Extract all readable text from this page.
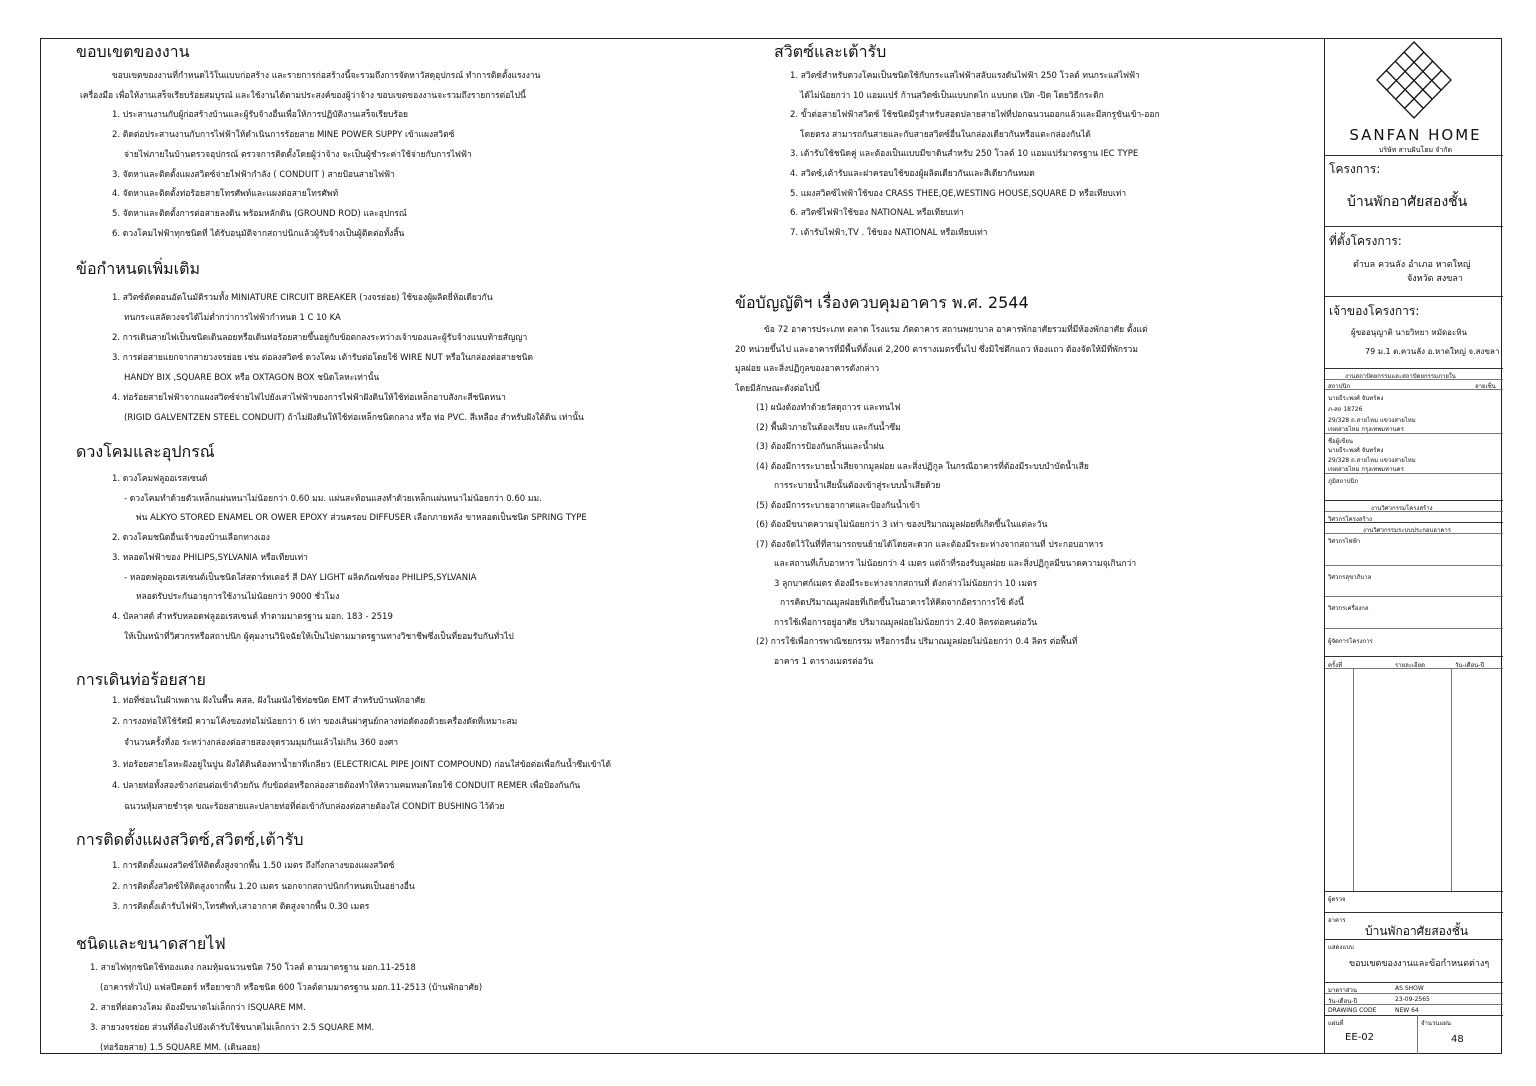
ขอบเขตของงาน
ขอบเขตของงานที่กำหนดไว้ในแบบก่อสร้าง และรายการก่อสร้างนี้จะรวมถึงการจัดหาวัสดุอุปกรณ์ ทำการติดตั้งแรงงาน
เครื่องมือ เพื่อให้งานเสร็จเรียบร้อยสมบูรณ์ และใช้งานได้ตามประสงค์ของผู้ว่าจ้าง ขอบเขตของงานจะรวมถึงรายการต่อไปนี้
1. ประสานงานกับผู้ก่อสร้างบ้านและผู้รับจ้างอื่นเพื่อให้การปฏิบัติงานเสร็จเรียบร้อย
2. ติดต่อประสานงานกับการไฟฟ้าให้ดำเนินการร้อยสาย MINE POWER SUPPY เข้าแผงสวิตซ์
จ่ายไฟภายในบ้านตรวจอุปกรณ์ ตรวจการติดตั้งโดยผู้ว่าจ้าง จะเป็นผู้ชำระค่าใช้จ่ายกับการไฟฟ้า
3. จัดหาและติดตั้งแผงสวิตซ์จ่ายไฟฟ้ากำลัง ( CONDUIT ) สายป้อนสายไฟฟ้า
4. จัดหาและติดตั้งท่อร้อยสายโทรศัพท์และแผงต่อสายโทรศัพท์
5. จัดหาและติดตั้งการต่อสายลงดิน พร้อมหลักดิน (GROUND ROD) และอุปกรณ์
6. ดวงโคมไฟฟ้าทุกชนิดที่ ได้รับอนุมัติจากสถาปนิกแล้วผู้รับจ้างเป็นผู้ติดต่อทั้งสิ้น
ข้อกำหนดเพิ่มเติม
1. สวิตซ์ตัดตอนอัตโนมัติรวมทั้ง MINIATURE CIRCUIT BREAKER (วงจรย่อย) ใช้ของผู้ผลิตยี่ห้อเดียวกัน
ทนกระแสลัดวงจรได้ไม่ต่ำกว่าการไฟฟ้ากำหนด 1 C 10 KA
2. การเดินสายไฟเป็นชนิดเดินลอยหรือเดินท่อร้อยสายขึ้นอยู่กับข้อตกลงระหว่างเจ้าของและผู้รับจ้างแนบท้ายสัญญา
3. การต่อสายแยกจากสายวงจรย่อย เช่น ต่อลงสวิตซ์ ดวงโคม เต้ารับต่อโดยใช้ WIRE NUT หรือในกล่องต่อสายชนิด
HANDY BIX ,SQUARE BOX หรือ OXTAGON BOX ชนิดโลหะเท่านั้น
4. ท่อร้อยสายไฟฟ้าจากแผงสวิตซ์จ่ายไฟไปยังเสาไฟฟ้าของการไฟฟ้าฝังดินให้ใช้ท่อเหล็กอาบสังกะสีชนิดหนา
(RIGID GALVENTZEN STEEL CONDUIT) ถ้าไม่ฝังดินให้ใช้ท่อเหล็กชนิดกลาง หรือ ท่อ PVC. สีเหลือง สำหรับฝังใต้ดิน เท่านั้น
ดวงโคมและอุปกรณ์
1. ดวงโคมฟลูออเรสเซนต์
- ดวงโคมทำด้วยตัวเหล็กแผ่นหนาไม่น้อยกว่า 0.60 มม. แผ่นสะท้อนแสงทำด้วยเหล็กแผ่นหนาไม่น้อยกว่า 0.60 มม.
พ่น ALKYO STORED ENAMEL OR OWER EPOXY ส่วนครอบ DIFFUSER เลือกภายหลัง ขาหลอดเป็นชนิด SPRING TYPE
2. ดวงโคมชนิดอื่นเจ้าของบ้านเลือกทางเอง
3. หลอดไฟฟ้าของ PHILIPS,SYLVANIA หรือเทียบเท่า
- หลอดฟลูออเรสเซนต์เป็นชนิดใส่สตาร์ทเตอร์ สี DAY LIGHT ผลิตภัณฑ์ของ PHILIPS,SYLVANIA
หลอดรับประกันอายุการใช้งานไม่น้อยกว่า 9000 ชั่วโมง
4. บัลลาสต์ สำหรับหลอดฟลูออเรสเซนต์ ทำตามมาตรฐาน มอก. 183 - 2519
ให้เป็นหน้าที่วิศวกรหรือสถาปนิก ผู้คุมงานวินิจฉัยให้เป็นไปตามมาตรฐานทางวิชาชีพซึ่งเป็นที่ยอมรับกันทั่วไป
การเดินท่อร้อยสาย
1. ท่อที่ซ่อนในฝ้าเพดาน ฝังในพื้น คสล. ฝังในผนังใช้ท่อชนิด EMT สำหรับบ้านพักอาศัย
2. การงอท่อให้ใช้รัศมี ความโค้งของท่อไม่น้อยกว่า 6 เท่า ของเส้นผ่าศูนย์กลางท่อดัดงอด้วยเครื่องดัดที่เหมาะสม
จำนวนครั้งที่งอ ระหว่างกล่องต่อสายสองจุดรวมมุมกันแล้วไม่เกิน 360 องศา
3. ท่อร้อยสายโลหะฝังอยู่ในปูน ฝังใต้ดินต้องทาน้ำยาที่เกลียว (ELECTRICAL PIPE JOINT COMPOUND) ก่อนใส่ข้อต่อเพื่อกันน้ำซึมเข้าได้
4. ปลายท่อทั้งสองข้างก่อนต่อเข้าตัวยกัน กับข้อต่อหรือกล่องสายต้องทำให้ความคมหมดโดยใช้ CONDUIT REMER เพื่อป้องกันกัน
ฉนวนหุ้มสายชำรุด ขณะร้อยสายและปลายท่อที่ต่อเข้ากับกล่องต่อสายต้องใส่ CONDIT BUSHING ไว้ด้วย
การติดตั้งแผงสวิตซ์,สวิตซ์,เต้ารับ
1. การติดตั้งแผงสวิตซ์ให้ติดตั้งสูงจากพื้น 1.50 เมตร ถึงกึ่งกลางของแผงสวิตซ์
2. การติดตั้งสวิตซ์ให้ติดสูงจากพื้น 1.20 เมตร นอกจากสถาปนิกกำหนดเป็นอย่างอื่น
3. การติดตั้งเต้ารับไฟฟ้า,โทรศัพท์,เสาอากาศ ติดสูงจากพื้น 0.30 เมตร
ชนิดและขนาดสายไฟ
1. สายไฟทุกชนิดใช้ทองแดง กลมหุ้มฉนวนชนิด 750 โวลต์ ตามมาตรฐาน มอก.11-2518
(อาคารทั่วไป) แฟลปีคอดร์ หรือยาซากิ หรือชนิด 600 โวลต์ตามมาตรฐาน มอก.11-2513 (บ้านพักอาศัย)
2. สายที่ต่อดวงโคม ต้องมีขนาดไม่เล็กกว่า ISQUARE MM.
3. สายวงจรย่อย ส่วนที่ต้องไปยังเต้ารับใช้ขนาดไม่เล็กกว่า 2.5 SQUARE MM.
(ท่อร้อยสาย) 1.5 SQUARE MM. (เดินลอย)
สวิตซ์และเต้ารับ
1. สวิตซ์สำหรับดวงโคมเป็นชนิดใช้กับกระแสไฟฟ้าสลับแรงดันไฟฟ้า 250 โวลต์ ทนกระแสไฟฟ้า
ได้ไม่น้อยกว่า 10 แอมแปร์ ก้านสวิตซ์เป็นแบบกดไก แบบกด เปิด -ปิด โดยวิธีกระดิก
2. ขั้วต่อสายไฟฟ้าสวิตซ์ ใช้ชนิดมีรูสำหรับสอดปลายสายไฟที่ปอกฉนวนออกแล้วและมีสกรูขันเข้า-ออก
โดยตรง สามารถกันสายและกับสายสวิตซ์อื่นในกล่องเดียวกันหรือแตะกล่องกันได้
3. เต้ารับใช้ชนิดคู่ และต้องเป็นแบบมีขาดินสำหรับ 250 โวลต์ 10 แอมแปร์มาตรฐาน IEC TYPE
4. สวิตซ์,เต้ารับและฝาครอบใช้ของผู้ผลิตเดียวกันและสีเดียวกันหมด
5. แผงสวิตซ์ไฟฟ้าใช้ของ CRASS THEE,QE,WESTING HOUSE,SQUARE D หรือเทียบเท่า
6. สวิตซ์ไฟฟ้าใช้ของ NATIONAL หรือเทียบเท่า
7. เต้ารับไฟฟ้า,TV . ใช้ของ NATIONAL หรือเทียบเท่า
ข้อบัญญัติฯ เรื่องควบคุมอาคาร พ.ศ. 2544
ข้อ 72 อาคารประเภท ตลาด โรงแรม ภัตตาคาร สถานพยาบาล อาคารพักอาศัยรวมที่มีห้องพักอาศัย ตั้งแต่
20 หน่วยขึ้นไป และอาคารที่มีพื้นที่ตั้งแต่ 2,200 ตารางเมตรขึ้นไป ซึ่งมิใช่ตึกแถว ห้องแถว ต้องจัดให้มีที่พักรวม
มูลฝอย และสิ่งปฏิกูลของอาคารดังกล่าว
โดยมีลักษณะดังต่อไปนี้
(1) ผนังต้องทำด้วยวัสดุถาวร และทนไฟ
(2) พื้นผิวภายในต้องเรียบ และกันน้ำซึม
(3) ต้องมีการป้องกันกลิ่นและน้ำฝน
(4) ต้องมีการระบายน้ำเสียจากมูลฝอย และสิ่งปฏิกูล ในกรณีอาคารที่ต้องมีระบบบำบัดน้ำเสีย
การระบายน้ำเสียนั้นต้องเข้าสู่ระบบน้ำเสียด้วย
(5) ต้องมีการระบายอากาศและป้องกันน้ำเข้า
(6) ต้องมีขนาดความจุไม่น้อยกว่า 3 เท่า ของปริมาณมูลฝอยที่เกิดขึ้นในแต่ละวัน
(7) ต้องจัดไว้ในที่ที่สามารถขนย้ายได้โดยสะดวก และต้องมีระยะห่างจากสถานที่ ประกอบอาหาร
และสถานที่เก็บอาหาร ไม่น้อยกว่า 4 เมตร แต่ถ้าที่รองรับมูลฝอย และสิ่งปฏิกูลมีขนาดความจุเกินกว่า
3 ลูกบาศก์เมตร ต้องมีระยะห่างจากสถานที่ ดังกล่าวไม่น้อยกว่า 10 เมตร
การคิดปริมาณมูลฝอยที่เกิดขึ้นในอาคารให้คิดจากอัตราการใช้ ดังนี้
การใช้เพื่อการอยู่อาศัย ปริมาณมูลฝอยไม่น้อยกว่า 2.40 ลิตรต่อคนต่อวัน
(2) การใช้เพื่อการพาณิชยกรรม หรือการอื่น ปริมาณมูลฝอยไม่น้อยกว่า 0.4 ลิตร ต่อพื้นที่
อาคาร 1 ตารางเมตรต่อวัน
SANFAN HOME
บริษัท สานฝันโฮม จำกัด
โครงการ:
บ้านพักอาศัยสองชั้น
ที่ตั้งโครงการ:
ตำบล ควนลัง อำเภอ หาดใหญ่
จังหวัด สงขลา
เจ้าของโครงการ:
ผู้ขออนุญาติ นายวิทยา หมัดอะหิน
79 ม.1 ต.ควนลัง อ.หาดใหญ่ จ.สงขลา
งานสถาปัตยกรรมและสถาปัตยกรรมภายใน
สถาปนิก	ลายเซ็น
นายธีระพงศ์ จันทร์คง
ภ-สถ 18726
29/328 ถ.สายไหม แขวงสายไหม
เขตสายไหม กรุงเทพมหานคร
ชื่อผู้เขียน
นายธีระพงศ์ จันทร์คง
29/328 ถ.สายไหม แขวงสายไหม
เขตสายไหม กรุงเทพมหานคร
ภูมิสถาปนิก
งานวิศวกรรมโครงสร้าง
วิศวกรโครงสร้าง
งานวิศวกรรมระบบประกอบอาคาร
วิศวกรไฟฟ้า
วิศวกรสุขาภิบาล
วิศวกรเครื่องกล
ผู้จัดการโครงการ
ครั้งที่	รายละเอียด	วัน-เดือน-ปี
ผู้ตรวจ
อาคาร
บ้านพักอาศัยสองชั้น
แสดงแบบ
ขอบเขตของงานและข้อกำหนดต่างๆ
มาตราส่วน	AS SHOW
วัน-เดือน-ปี	23-09-2565
DRAWING CODE	NEW 64
แผ่นที่	จำนวนแผ่น
EE-02	48
